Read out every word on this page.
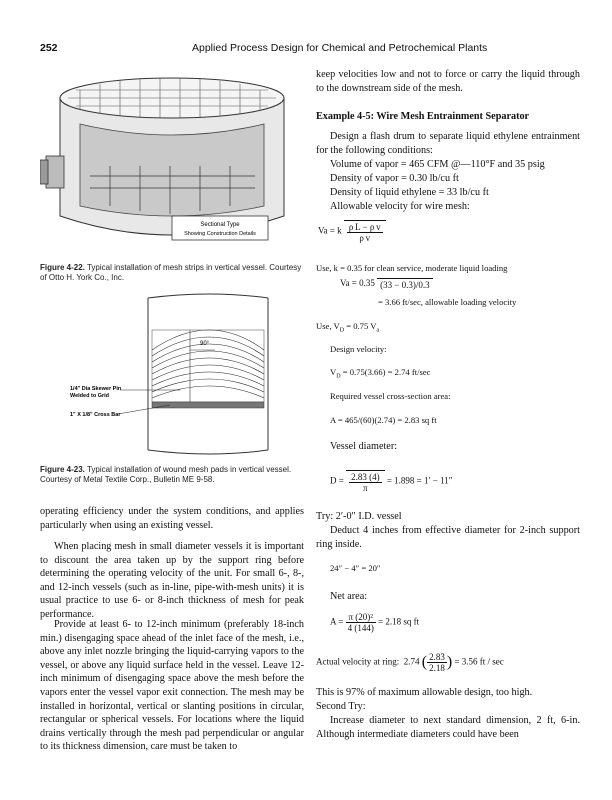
252	Applied Process Design for Chemical and Petrochemical Plants
Sectional Type
Showing Construction Details
Figure 4-22. Typical installation of mesh strips in vertical vessel. Courtesy of Otto H. York Co., Inc.
90°
1/4" Dia Skewer Pin
Welded to Grid
1" X 1/8" Cross Bar
Figure 4-23. Typical installation of wound mesh pads in vertical vessel. Courtesy of Metal Textile Corp., Bulletin ME 9-58.
operating efficiency under the system conditions, and applies particularly when using an existing vessel.
When placing mesh in small diameter vessels it is important to discount the area taken up by the support ring before determining the operating velocity of the unit. For small 6-, 8-, and 12-inch vessels (such as in-line, pipe-with-mesh units) it is usual practice to use 6- or 8-inch thickness of mesh for peak performance.
Provide at least 6- to 12-inch minimum (preferably 18-inch min.) disengaging space ahead of the inlet face of the mesh, i.e., above any inlet nozzle bringing the liquid-carrying vapors to the vessel, or above any liquid surface held in the vessel. Leave 12-inch minimum of disengaging space above the mesh before the vapors enter the vessel vapor exit connection. The mesh may be installed in horizontal, vertical or slanting positions in circular, rectangular or spherical vessels. For locations where the liquid drains vertically through the mesh pad perpendicular or angular to its thickness dimension, care must be taken to
keep velocities low and not to force or carry the liquid through to the downstream side of the mesh.
Example 4-5: Wire Mesh Entrainment Separator
Design a flash drum to separate liquid ethylene entrainment for the following conditions:
Volume of vapor = 465 CFM @—110°F and 35 psig
Density of vapor = 0.30 lb/cu ft
Density of liquid ethylene = 33 lb/cu ft
Allowable velocity for wire mesh:
Va = k $\frac{\text{ρ L − ρ v}}{\text{ρ v}}$
Use, k = 0.35 for clean service, moderate liquid loading
Va = 0.35 (33 − 0.3)/0.3
= 3.66 ft/sec, allowable loading velocity
Use, $V_D = 0.75$ $V_a$
Design velocity:
$V_D = 0.75(3.66) = 2.74$ ft/sec
Required vessel cross-section area:
A = 465/(60)(2.74) = 2.83 sq ft
Vessel diameter:
$D = \frac{2.83 (4)}{\pi} = 1.898 = 1' - 11''$
Try: 2′-0″ I.D. vessel
Deduct 4 inches from effective diameter for 2-inch support ring inside.
24″ − 4″ = 20″
Net area:
$A = \frac{\text{π (20)²}}{4 (144)} = 2.18$ sq ft
Actual velocity at ring: 2.74 ( $\frac{2.83}{2.18}$ ) = 3.56 ft / sec
This is 97% of maximum allowable design, too high.
Second Try:
Increase diameter to next standard dimension, 2 ft, 6-in. Although intermediate diameters could have been
